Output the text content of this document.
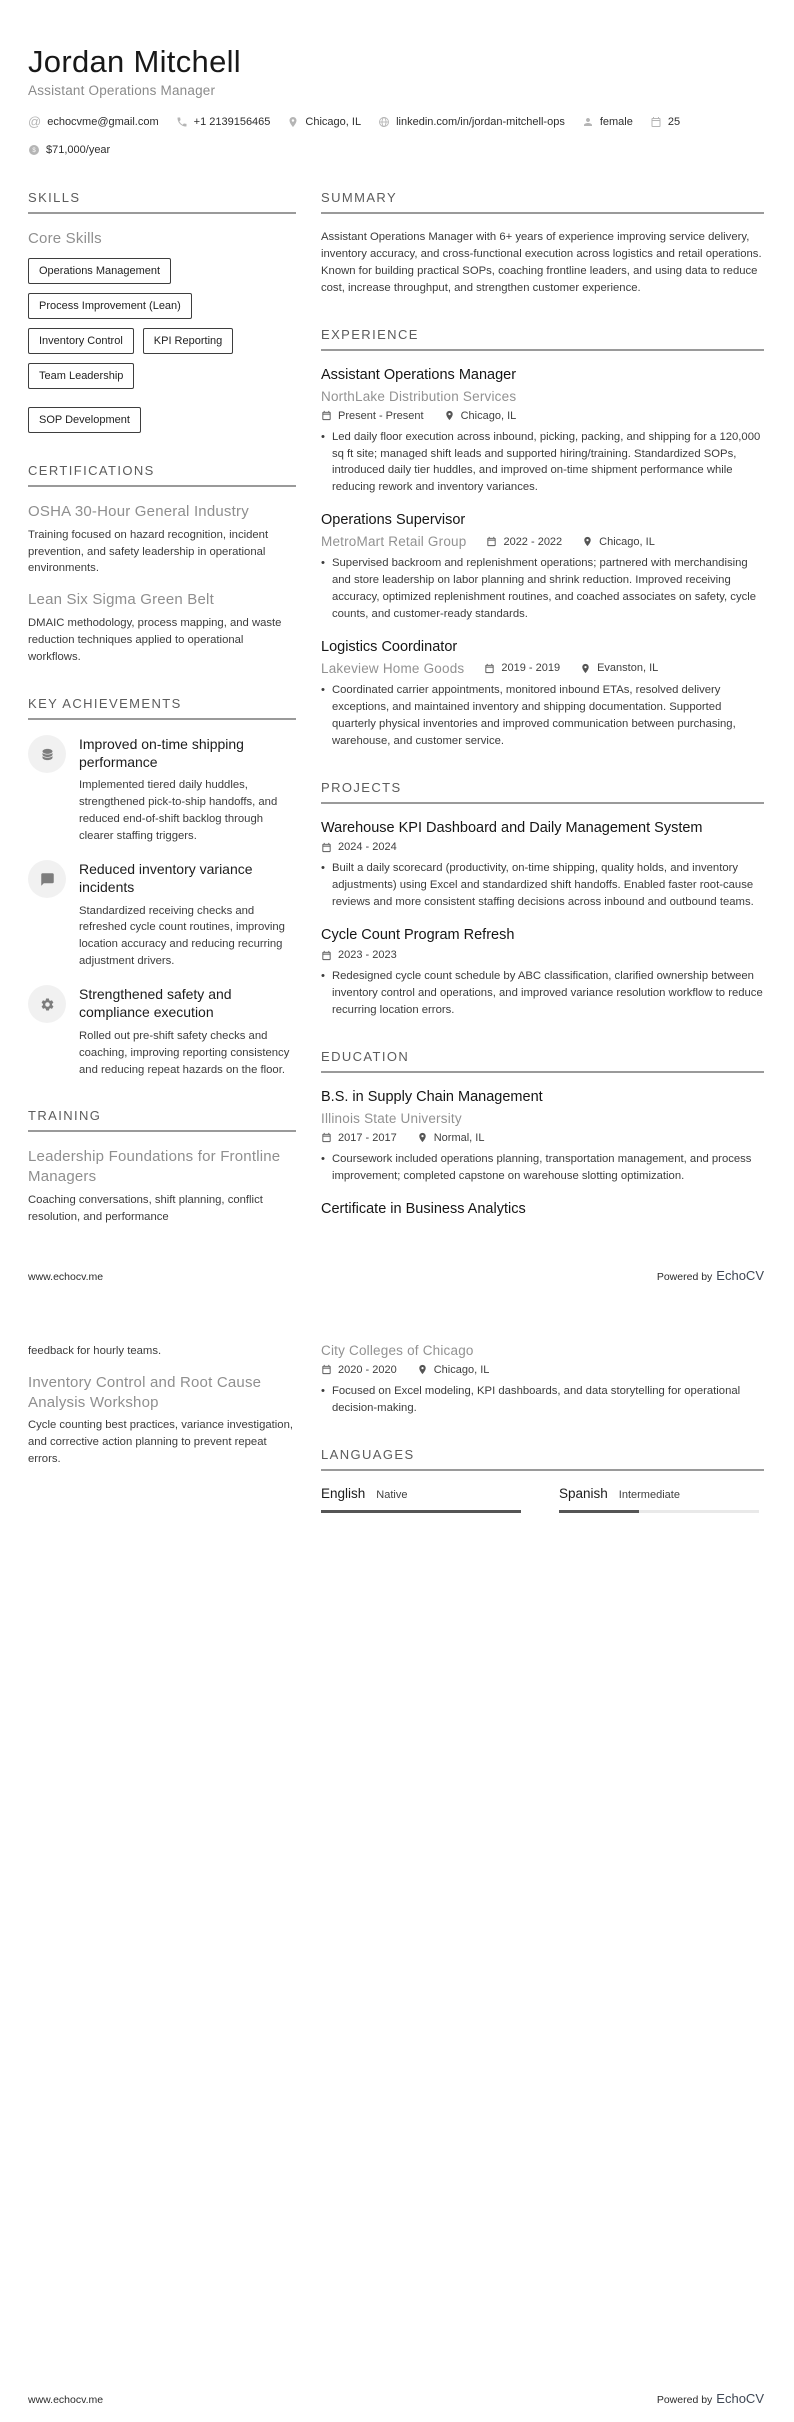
Jordan Mitchell
Assistant Operations Manager
@ echocvme@gmail.com	+1 2139156465	Chicago, IL	linkedin.com/in/jordan-mitchell-ops	female	25
$ $71,000/year
SKILLS
Core Skills
Operations Management
Process Improvement (Lean)
Inventory Control	KPI Reporting
Team Leadership
SOP Development
CERTIFICATIONS
OSHA 30-Hour General Industry

Training focused on hazard recognition, incident prevention, and safety leadership in operational environments.

Lean Six Sigma Green Belt

DMAIC methodology, process mapping, and waste reduction techniques applied to operational workflows.

KEY ACHIEVEMENTS
Improved on-time shipping performance

Implemented tiered daily huddles, strengthened pick-to-ship handoffs, and reduced end-of-shift backlog through clearer staffing triggers.

Reduced inventory variance incidents

Standardized receiving checks and refreshed cycle count routines, improving location accuracy and reducing recurring adjustment drivers.

Strengthened safety and compliance execution

Rolled out pre-shift safety checks and coaching, improving reporting consistency and reducing repeat hazards on the floor.

TRAINING
Leadership Foundations for Frontline Managers

Coaching conversations, shift planning, conflict resolution, and performance

SUMMARY

Assistant Operations Manager with 6+ years of experience improving service delivery, inventory accuracy, and cross-functional execution across logistics and retail operations. Known for building practical SOPs, coaching frontline leaders, and using data to reduce cost, increase throughput, and strengthen customer experience.

EXPERIENCE
Assistant Operations Manager
NorthLake Distribution Services
Present - Present	Chicago, IL

• Led daily floor execution across inbound, picking, packing, and shipping for a 120,000 sq ft site; managed shift leads and supported hiring/training. Standardized SOPs, introduced daily tier huddles, and improved on-time shipment performance while reducing rework and inventory variances.

Operations Supervisor
MetroMart Retail Group	2022 - 2022	Chicago, IL

• Supervised backroom and replenishment operations; partnered with merchandising and store leadership on labor planning and shrink reduction. Improved receiving accuracy, optimized replenishment routines, and coached associates on safety, cycle counts, and customer-ready standards.

Logistics Coordinator
Lakeview Home Goods	2019 - 2019	Evanston, IL

• Coordinated carrier appointments, monitored inbound ETAs, resolved delivery exceptions, and maintained inventory and shipping documentation. Supported quarterly physical inventories and improved communication between purchasing, warehouse, and customer service.

PROJECTS
Warehouse KPI Dashboard and Daily Management System
2024 - 2024

• Built a daily scorecard (productivity, on-time shipping, quality holds, and inventory adjustments) using Excel and standardized shift handoffs. Enabled faster root-cause reviews and more consistent staffing decisions across inbound and outbound teams.

Cycle Count Program Refresh
2023 - 2023

• Redesigned cycle count schedule by ABC classification, clarified ownership between inventory control and operations, and improved variance resolution workflow to reduce recurring location errors.

EDUCATION
B.S. in Supply Chain Management
Illinois State University
2017 - 2017	Normal, IL

• Coursework included operations planning, transportation management, and process improvement; completed capstone on warehouse slotting optimization.

Certificate in Business Analytics
www.echocv.me	Powered by EchoCV

feedback for hourly teams.

Inventory Control and Root Cause Analysis Workshop

Cycle counting best practices, variance investigation, and corrective action planning to prevent repeat errors.

City Colleges of Chicago
2020 - 2020	Chicago, IL

• Focused on Excel modeling, KPI dashboards, and data storytelling for operational decision-making.

LANGUAGES
English Native	Spanish Intermediate
www.echocv.me	Powered by EchoCV
